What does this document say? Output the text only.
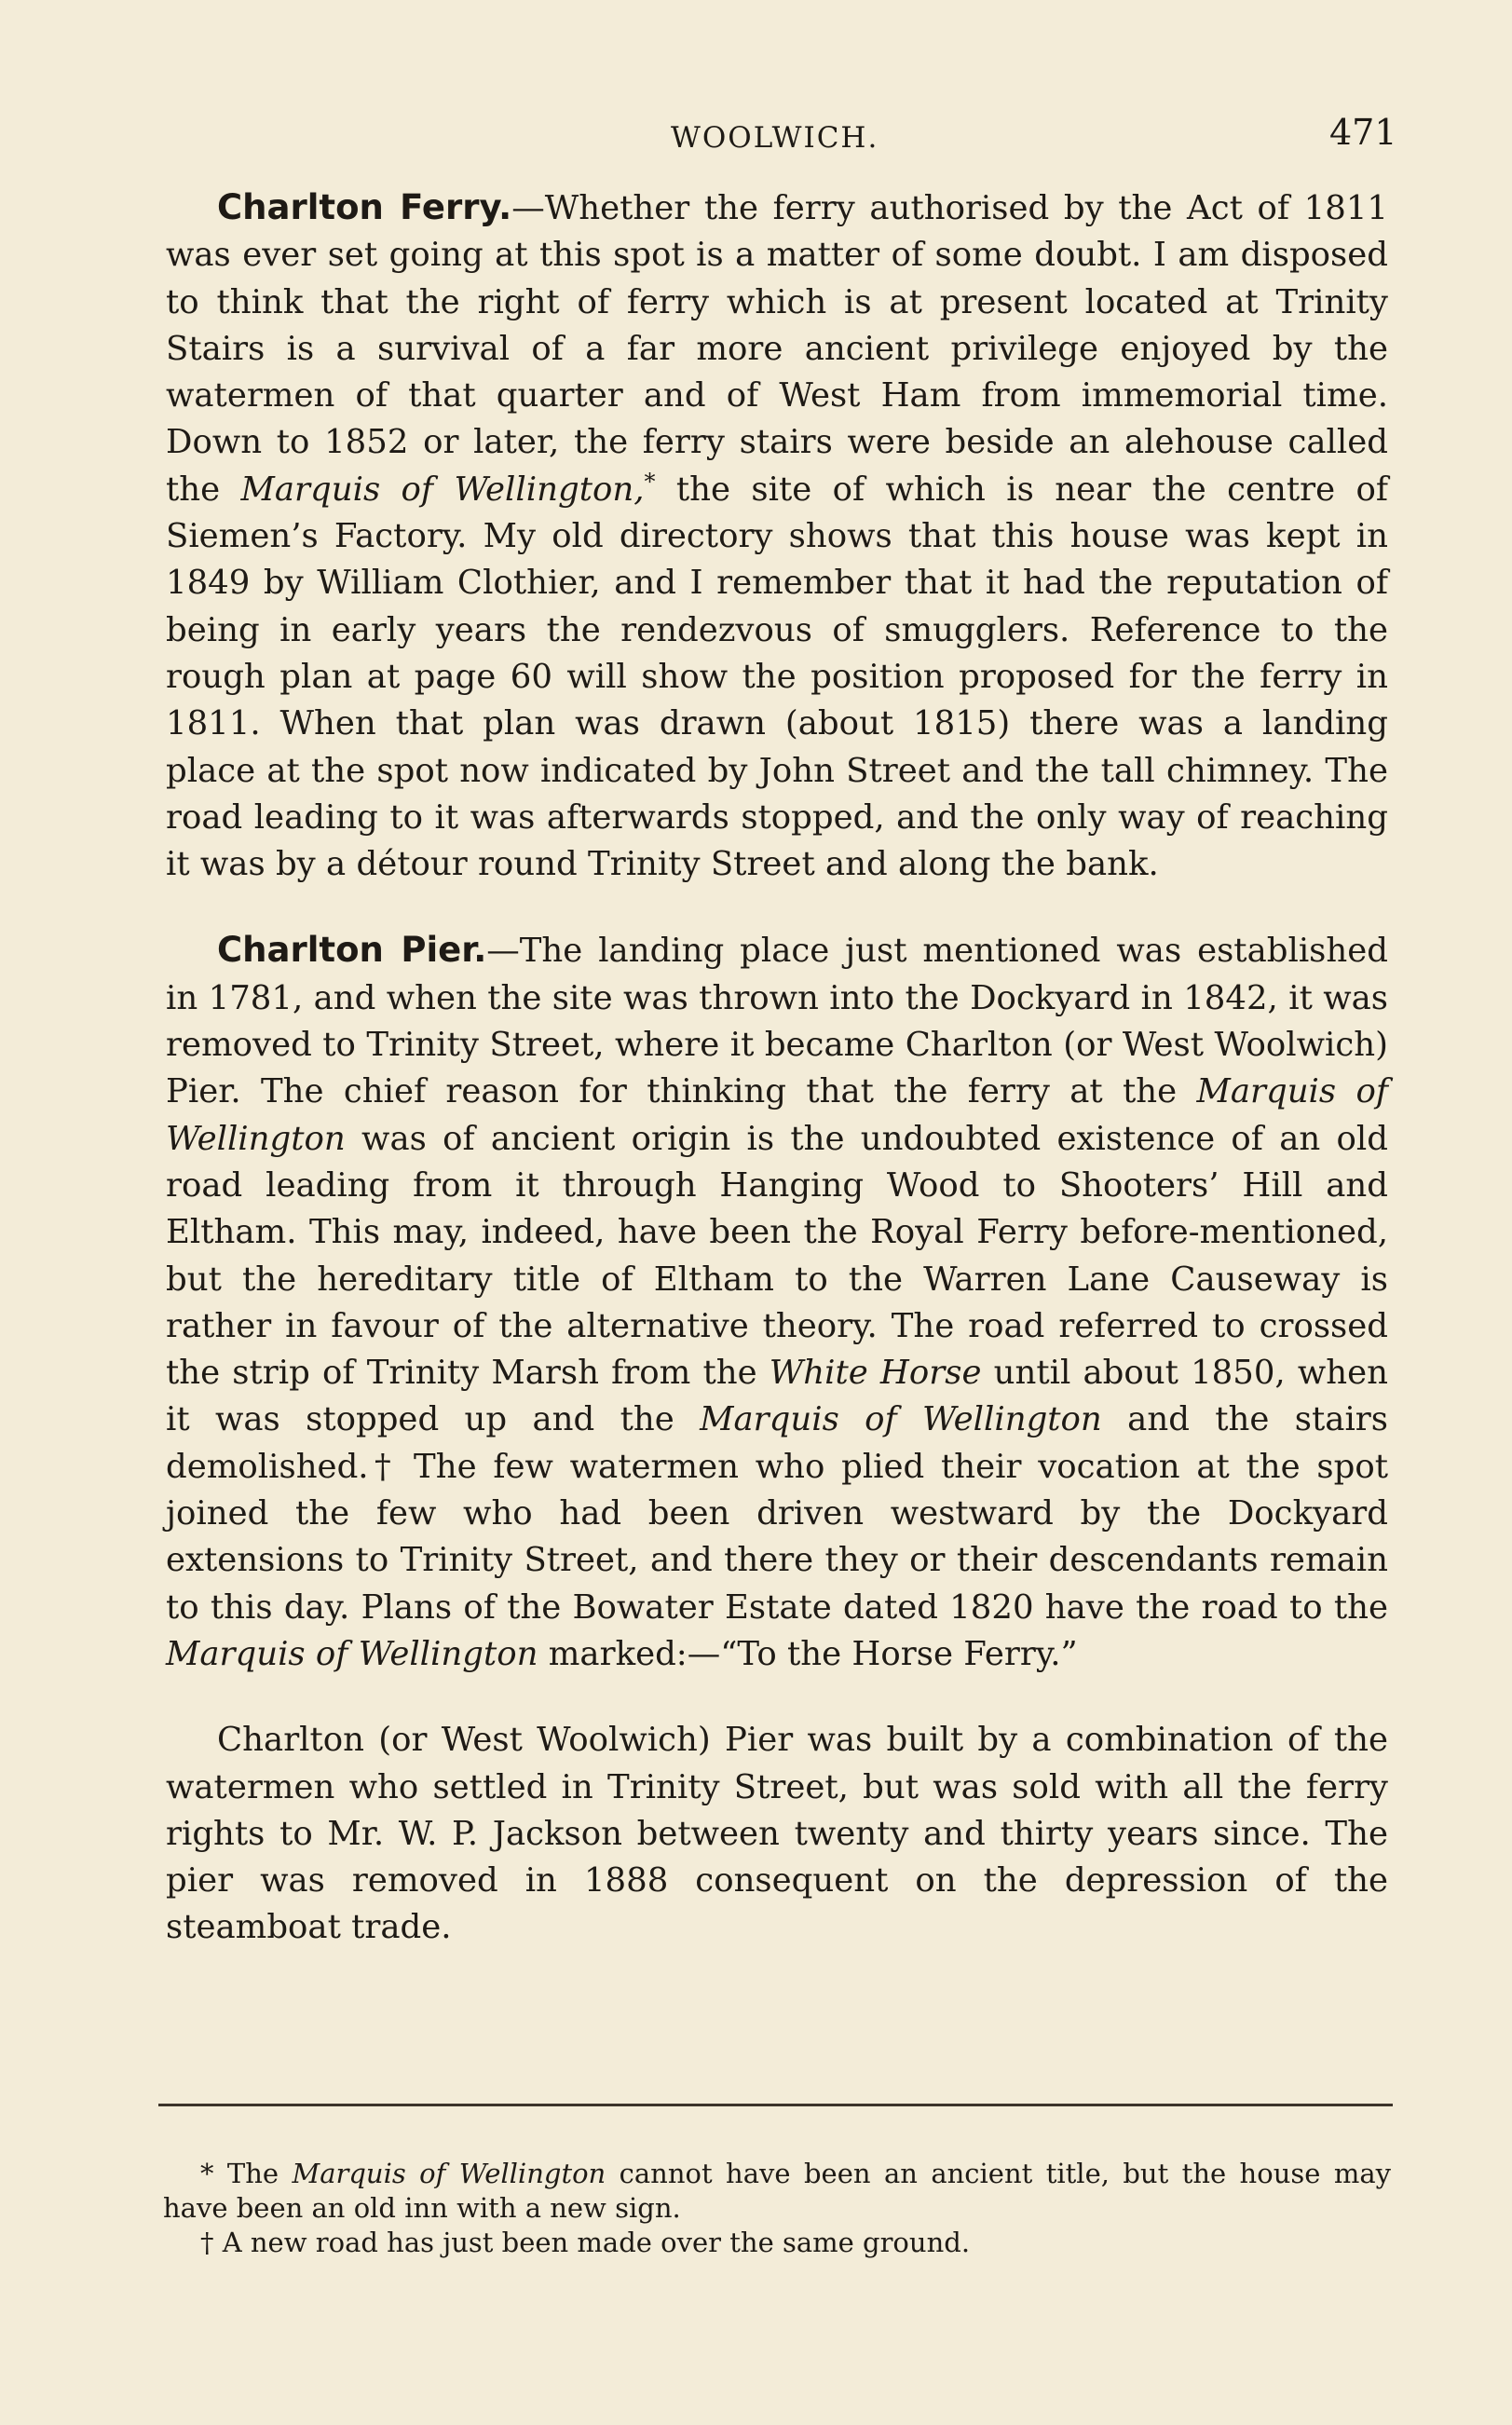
WOOLWICH.	471

Charlton Ferry.—Whether the ferry authorised by the Act of 1811 was ever set going at this spot is a matter of some doubt. I am disposed to think that the right of ferry which is at present located at Trinity Stairs is a survival of a far more ancient privilege enjoyed by the watermen of that quarter and of West Ham from immemorial time. Down to 1852 or later, the ferry stairs were beside an alehouse called the Marquis of Wellington,* the site of which is near the centre of Siemen’s Factory. My old directory shows that this house was kept in 1849 by William Clothier, and I remember that it had the reputation of being in early years the rendezvous of smugglers. Reference to the rough plan at page 60 will show the position proposed for the ferry in 1811. When that plan was drawn (about 1815) there was a landing place at the spot now indicated by John Street and the tall chimney. The road leading to it was afterwards stopped, and the only way of reaching it was by a détour round Trinity Street and along the bank.

Charlton Pier.—The landing place just mentioned was established in 1781, and when the site was thrown into the Dockyard in 1842, it was removed to Trinity Street, where it became Charlton (or West Woolwich) Pier. The chief reason for thinking that the ferry at the Marquis of Wellington was of ancient origin is the undoubted existence of an old road leading from it through Hanging Wood to Shooters’ Hill and Eltham. This may, indeed, have been the Royal Ferry before-mentioned, but the hereditary title of Eltham to the Warren Lane Causeway is rather in favour of the alternative theory. The road referred to crossed the strip of Trinity Marsh from the White Horse until about 1850, when it was stopped up and the Marquis of Wellington and the stairs demolished.† The few watermen who plied their vocation at the spot joined the few who had been driven westward by the Dockyard extensions to Trinity Street, and there they or their descendants remain to this day. Plans of the Bowater Estate dated 1820 have the road to the Marquis of Wellington marked:—“To the Horse Ferry.”

Charlton (or West Woolwich) Pier was built by a combination of the watermen who settled in Trinity Street, but was sold with all the ferry rights to Mr. W. P. Jackson between twenty and thirty years since. The pier was removed in 1888 consequent on the depression of the steamboat trade.

* The Marquis of Wellington cannot have been an ancient title, but the house may have been an old inn with a new sign.

† A new road has just been made over the same ground.
